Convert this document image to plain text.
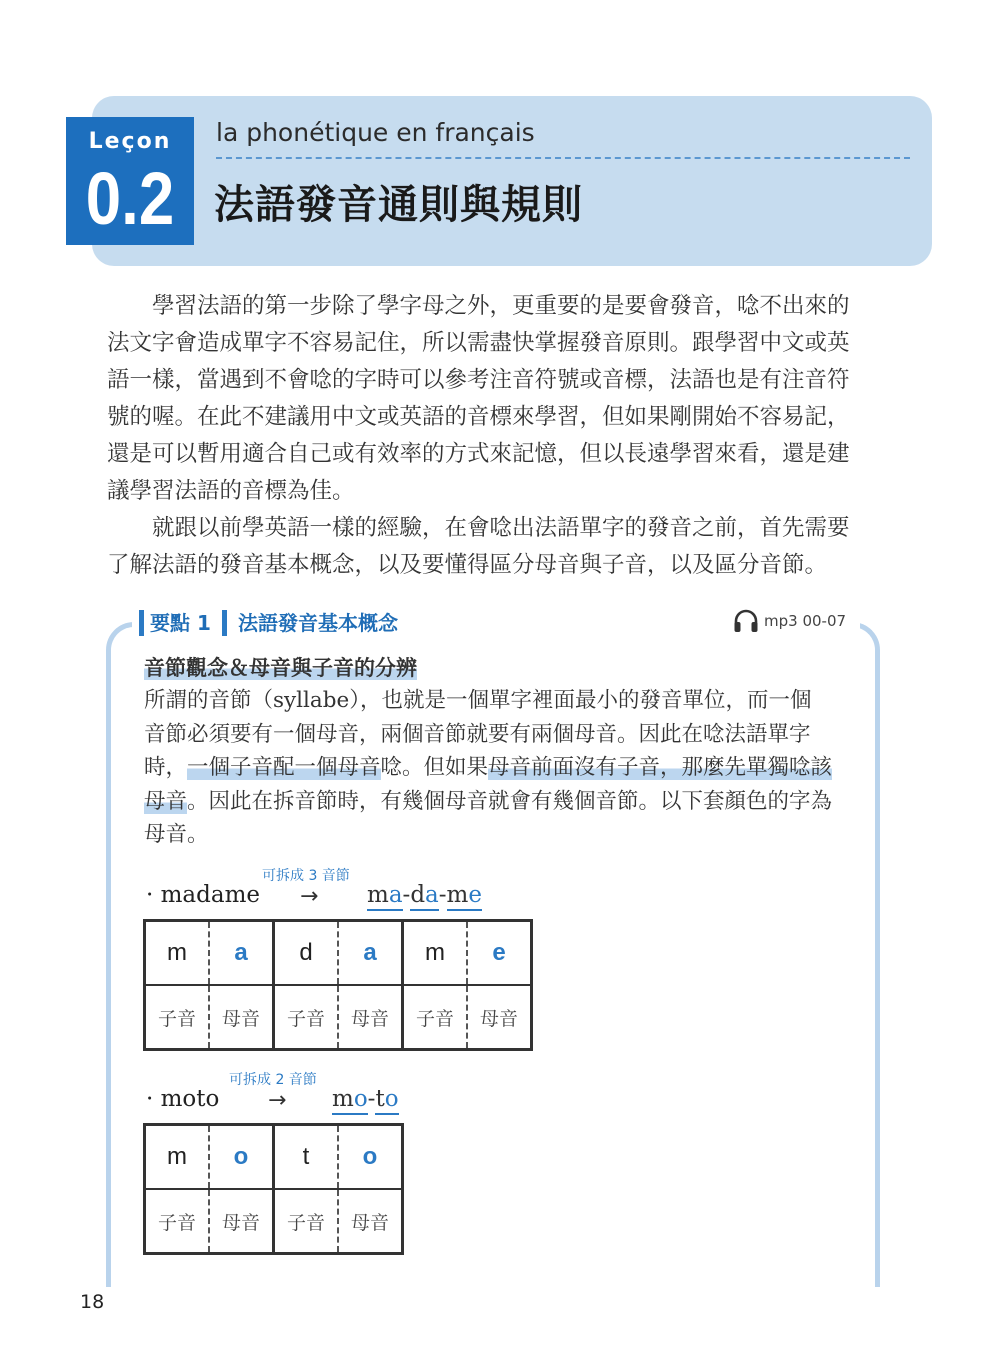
Leçon
0.2
la phonétique en français
法語發音通則與規則
　　學習法語的第一步除了學字母之外，更重要的是要會發音，唸不出來的
法文字會造成單字不容易記住，所以需盡快掌握發音原則。跟學習中文或英
語一樣，當遇到不會唸的字時可以參考注音符號或音標，法語也是有注音符
號的喔。在此不建議用中文或英語的音標來學習，但如果剛開始不容易記，
還是可以暫用適合自己或有效率的方式來記憶，但以長遠學習來看，還是建
議學習法語的音標為佳。
　　就跟以前學英語一樣的經驗，在會唸出法語單字的發音之前，首先需要
了解法語的發音基本概念，以及要懂得區分母音與子音，以及區分音節。
要點 1 法語發音基本概念	mp3 00-07
音節觀念＆母音與子音的分辨
所謂的音節（syllabe），也就是一個單字裡面最小的發音單位，而一個
音節必須要有一個母音，兩個音節就要有兩個母音。因此在唸法語單字
時，一個子音配一個母音唸。但如果母音前面沒有子音，那麼先單獨唸該
母音。因此在拆音節時，有幾個母音就會有幾個音節。以下套顏色的字為
母音。
可拆成 3 音節
· madame → ma-da-me
m	a	d	a	m	e
子音	母音	子音	母音	子音	母音
可拆成 2 音節
· moto → mo-to
m	o	t	o
子音	母音	子音	母音
18
